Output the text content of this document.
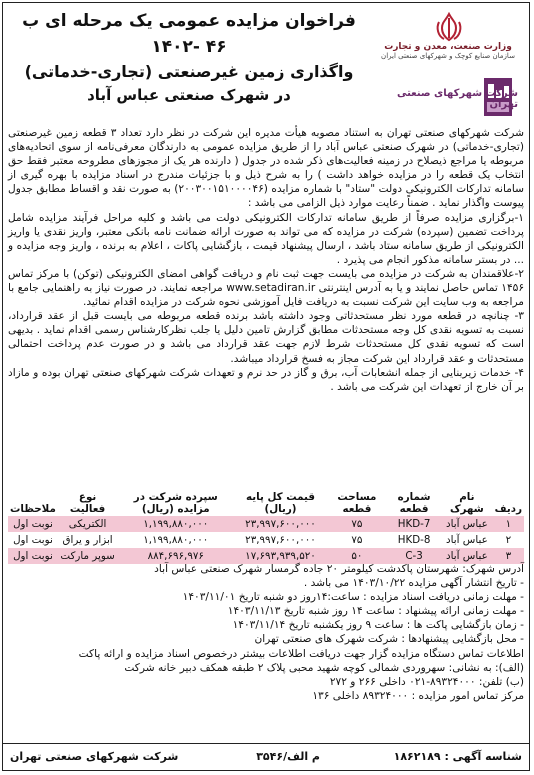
فراخوان مزایده عمومی یک مرحله ای ب ۴۶ -۱۴۰۲
واگذاری زمین غیرصنعتی (تجاری-خدماتی)
در شهرک صنعتی عباس آباد
وزارت صنعت، معدن و تجارت
سازمان صنایع کوچک و شهرکهای صنعتی ایران
شرکت شهرکهای صنعتی تهران

شرکت شهرکهای صنعتی تهران به استناد مصوبه هیأت مدیره این شرکت در نظر دارد تعداد ۳ قطعه زمین غیرصنعتی (تجاری-خدماتی) در شهرک صنعتی عباس آباد را از طریق مزایده عمومی به دارندگان معرفی‌نامه از سوی اتحادیه‌های مربوطه یا مراجع ذیصلاح در زمینه فعالیت‌های ذکر شده در جدول ( دارنده هر یک از مجوزهای مطروحه معتبر فقط حق انتخاب یک قطعه را در مزایده خواهد داشت ) را به شرح ذیل و با جزئیات مندرج در اسناد مزایده با بهره گیری از سامانه تدارکات الکترونیکی دولت "ستاد" با شماره مزایده (۲۰۰۳۰۰۱۵۱۰۰۰۰۴۶) به صورت نقد و اقساط مطابق جدول پیوست واگذار نماید . ضمناً رعایت موارد ذیل الزامی می باشد :

۱-برگزاری مزایده صرفاً از طریق سامانه تدارکات الکترونیکی دولت می باشد و کلیه مراحل فرآیند مزایده شامل پرداخت تضمین (سپرده) شرکت در مزایده که می تواند به صورت ارائه ضمانت نامه بانکی معتبر، واریز نقدی یا واریز الکترونیکی از طریق سامانه ستاد باشد ، ارسال پیشنهاد قیمت ، بازگشایی پاکات ، اعلام به برنده ، واریز وجه مزایده و ... در بستر سامانه مذکور انجام می پذیرد .

۲-علاقمندان به شرکت در مزایده می بایست جهت ثبت نام و دریافت گواهی امضای الکترونیکی (توکن) با مرکز تماس ۱۴۵۶ تماس حاصل نمایند و یا به آدرس اینترنتی www.setadiran.ir مراجعه نمایند. در صورت نیاز به راهنمایی جامع با مراجعه به وب سایت این شرکت نسبت به دریافت فایل آموزشی نحوه شرکت در مزایده اقدام نمائید.

۳- چنانچه در قطعه مورد نظر مستحدثاتی وجود داشته باشد برنده قطعه مربوطه می بایست قبل از عقد قرارداد، نسبت به تسویه نقدی کل وجه مستحدثات مطابق گزارش تامین دلیل یا جلب نظرکارشناس رسمی اقدام نماید . بدیهی است که تسویه نقدی کل مستحدثات شرط لازم جهت عقد قرارداد می باشد و در صورت عدم پرداخت احتمالی مستحدثات و عقد قرارداد این شرکت مجاز به فسخ قرارداد میباشد.

۴- خدمات زیربنایی از جمله انشعابات آب، برق و گاز در حد نرم و تعهدات شرکت شهرکهای صنعتی تهران بوده و مازاد بر آن خارج از تعهدات این شرکت می باشد .

ردیف	نام شهرک	شماره قطعه	مساحت قطعه	قیمت کل پایه (ریال)	سپرده شرکت در مزایده (ریال)	نوع فعالیت	ملاحظات
۱	عباس آباد	HKD-7	۷۵	۲۳,۹۹۷,۶۰۰,۰۰۰	۱,۱۹۹,۸۸۰,۰۰۰	الکتریکی	نوبت اول
۲	عباس آباد	HKD-8	۷۵	۲۳,۹۹۷,۶۰۰,۰۰۰	۱,۱۹۹,۸۸۰,۰۰۰	ابزار و یراق	نوبت اول
۳	عباس آباد	C-3	۵۰	۱۷,۶۹۳,۹۳۹,۵۲۰	۸۸۴,۶۹۶,۹۷۶	سوپر مارکت	نوبت اول

آدرس شهرک: شهرستان پاکدشت کیلومتر ۲۰ جاده گرمسار شهرک صنعتی عباس آباد

- تاریخ انتشار آگهی مزایده ۱۴۰۳/۱۰/۲۲ می باشد .

- مهلت زمانی دریافت اسناد مزایده : ساعت:۱۴روز دو شنبه تاریخ ۱۴۰۳/۱۱/۰۱

- مهلت زمانی ارائه پیشنهاد : ساعت ۱۴ روز شنبه تاریخ ۱۴۰۳/۱۱/۱۳

- زمان بازگشایی پاکت ها : ساعت ۹ روز یکشنبه تاریخ ۱۴۰۳/۱۱/۱۴

- محل بازگشایی پیشنهادها : شرکت شهرک های صنعتی تهران

اطلاعات تماس دستگاه مزایده گزار جهت دریافت اطلاعات بیشتر درخصوص اسناد مزایده و ارائه پاکت

(الف): به نشانی: سهروردی شمالی کوچه شهید محبی پلاک ۲ طبقه همکف دبیر خانه شرکت

(ب) تلفن: ۸۹۳۲۴۰۰۰-۰۲۱ داخلی ۲۶۶ و ۲۷۲

مرکز تماس امور مزایده : ۸۹۳۲۴۰۰۰ داخلی ۱۳۶

شناسه آگهی : ۱۸۶۲۱۸۹
م الف/۳۵۴۶
شرکت شهرکهای صنعتی تهران
